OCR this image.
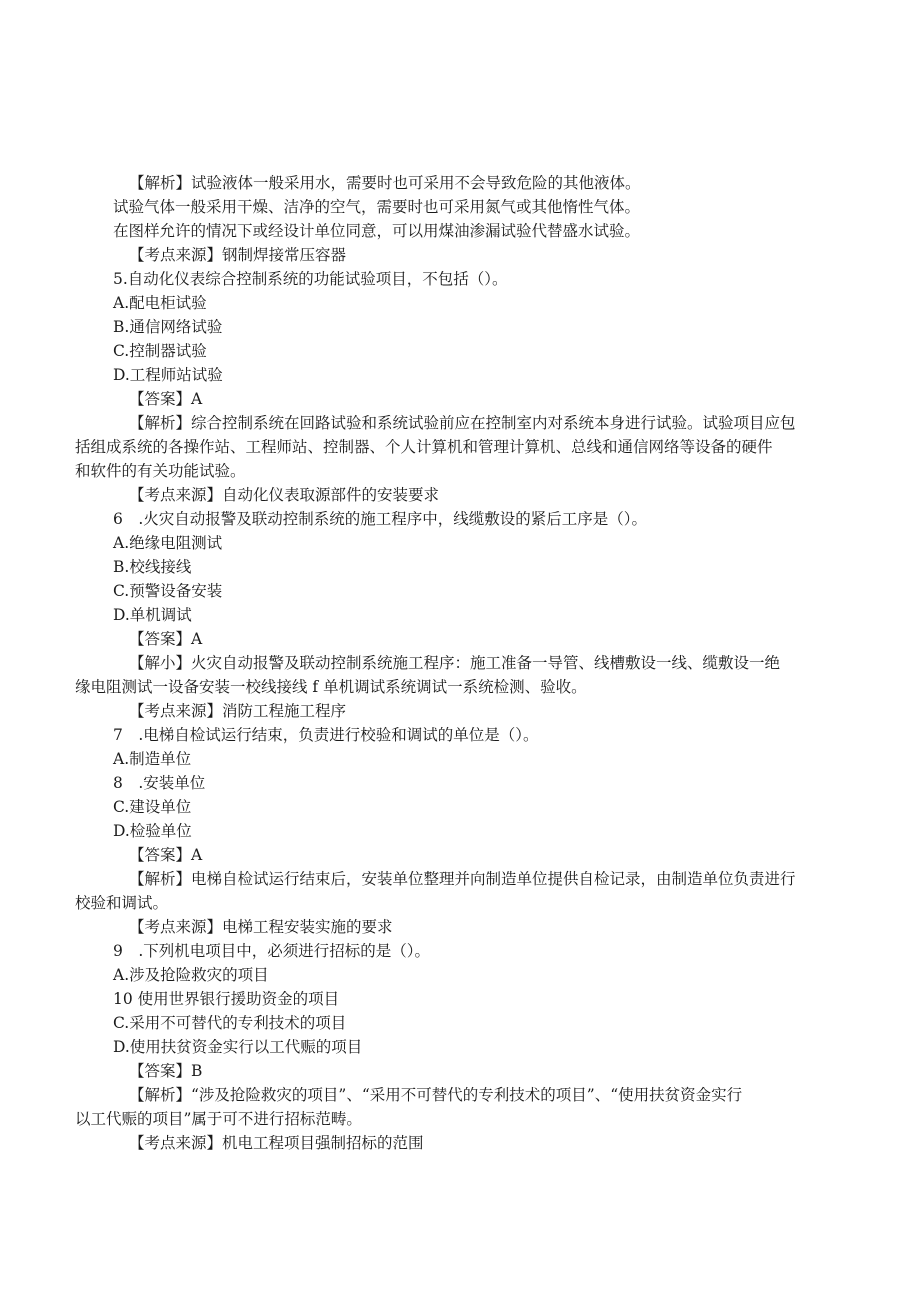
【解析】试验液体一般采用水，需要时也可采用不会导致危险的其他液体。
试验气体一般采用干燥、洁净的空气，需要时也可采用氮气或其他惰性气体。
在图样允许的情况下或经设计单位同意，可以用煤油渗漏试验代替盛水试验。
【考点来源】钢制焊接常压容器
5.自动化仪表综合控制系统的功能试验项目，不包括（）。
A.配电柜试验
B.通信网络试验
C.控制器试验
D.工程师站试验
【答案】A
【解析】综合控制系统在回路试验和系统试验前应在控制室内对系统本身进行试验。试验项目应包
括组成系统的各操作站、工程师站、控制器、个人计算机和管理计算机、总线和通信网络等设备的硬件
和软件的有关功能试验。
【考点来源】自动化仪表取源部件的安装要求
6　.火灾自动报警及联动控制系统的施工程序中，线缆敷设的紧后工序是（）。
A.绝缘电阻测试
B.校线接线
C.预警设备安装
D.单机调试
【答案】A
【解小】火灾自动报警及联动控制系统施工程序：施工准备一导管、线槽敷设一线、缆敷设一绝
缘电阻测试一设备安装一校线接线 f 单机调试系统调试一系统检测、验收。
【考点来源】消防工程施工程序
7　.电梯自检试运行结束，负责进行校验和调试的单位是（）。
A.制造单位
8　.安装单位
C.建设单位
D.检验单位
【答案】A
【解析】电梯自检试运行结束后，安装单位整理并向制造单位提供自检记录，由制造单位负责进行
校验和调试。
【考点来源】电梯工程安装实施的要求
9　.下列机电项目中，必须进行招标的是（）。
A.涉及抢险救灾的项目
10 使用世界银行援助资金的项目
C.采用不可替代的专利技术的项目
D.使用扶贫资金实行以工代赈的项目
【答案】B
【解析】“涉及抢险救灾的项目”、“采用不可替代的专利技术的项目”、“使用扶贫资金实行
以工代赈的项目”属于可不进行招标范畴。
【考点来源】机电工程项目强制招标的范围
